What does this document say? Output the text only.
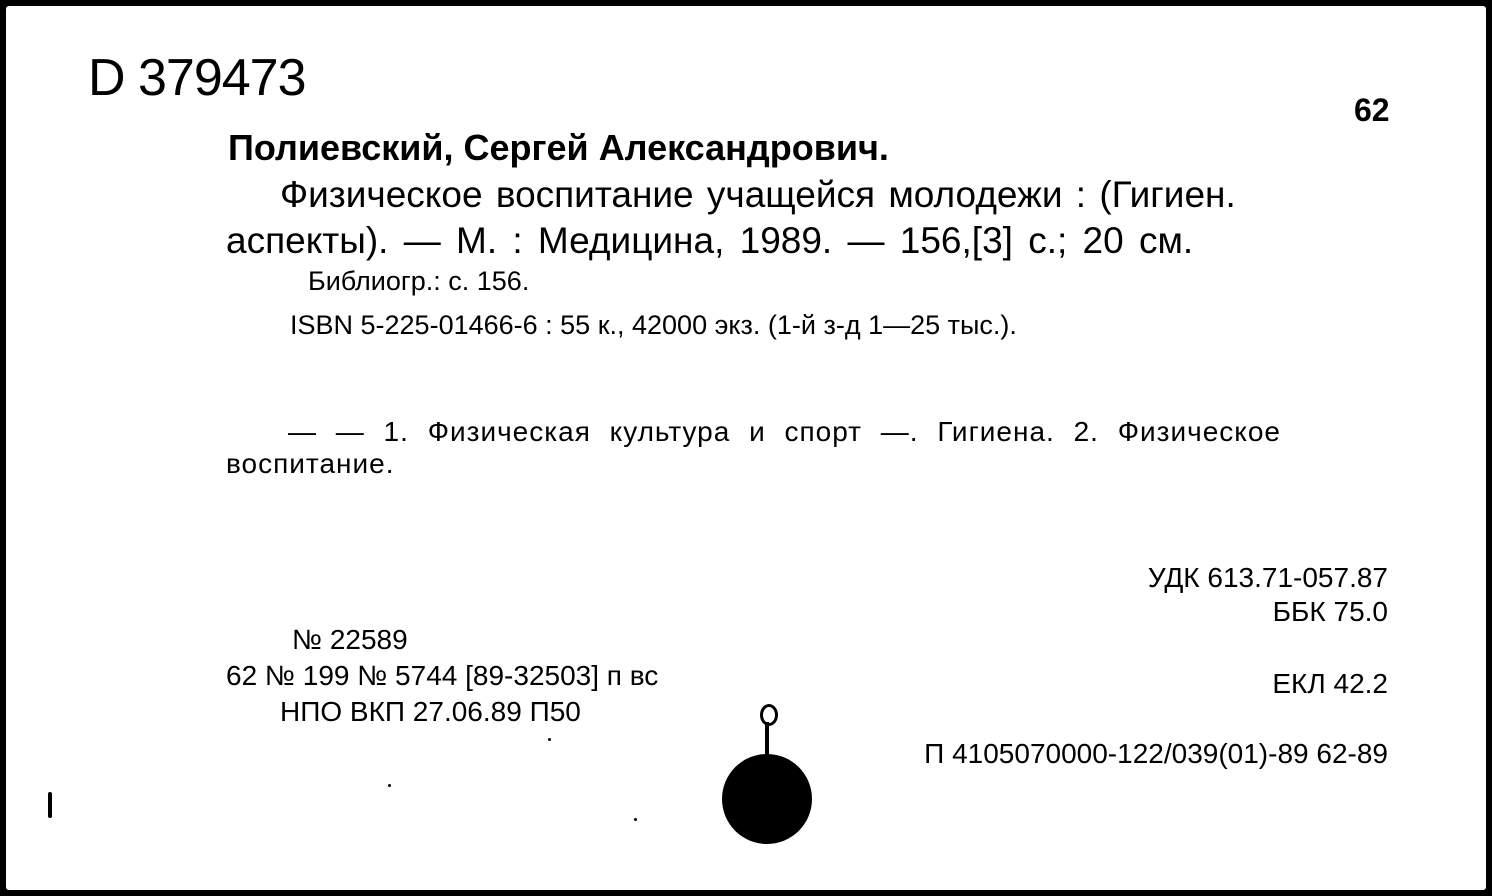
D 379473
62
Полиевский, Сергей Александрович.
Физическое воспитание учащейся молодежи : (Гигиен.
аспекты). — М. : Медицина, 1989. — 156,[3] с.; 20 см.
Библиогр.: с. 156.
ISBN 5-225-01466-6 : 55 к., 42000 экз. (1-й з-д 1—25 тыс.).
— — 1. Физическая культура и спорт —. Гигиена. 2. Физическое
воспитание.
УДК 613.71-057.87
ББК 75.0
ЕКЛ 42.2
П 4105070000-122/039(01)-89 62-89
№ 22589
62 № 199 № 5744 [89-32503] п вс
НПО ВКП 27.06.89 П50
